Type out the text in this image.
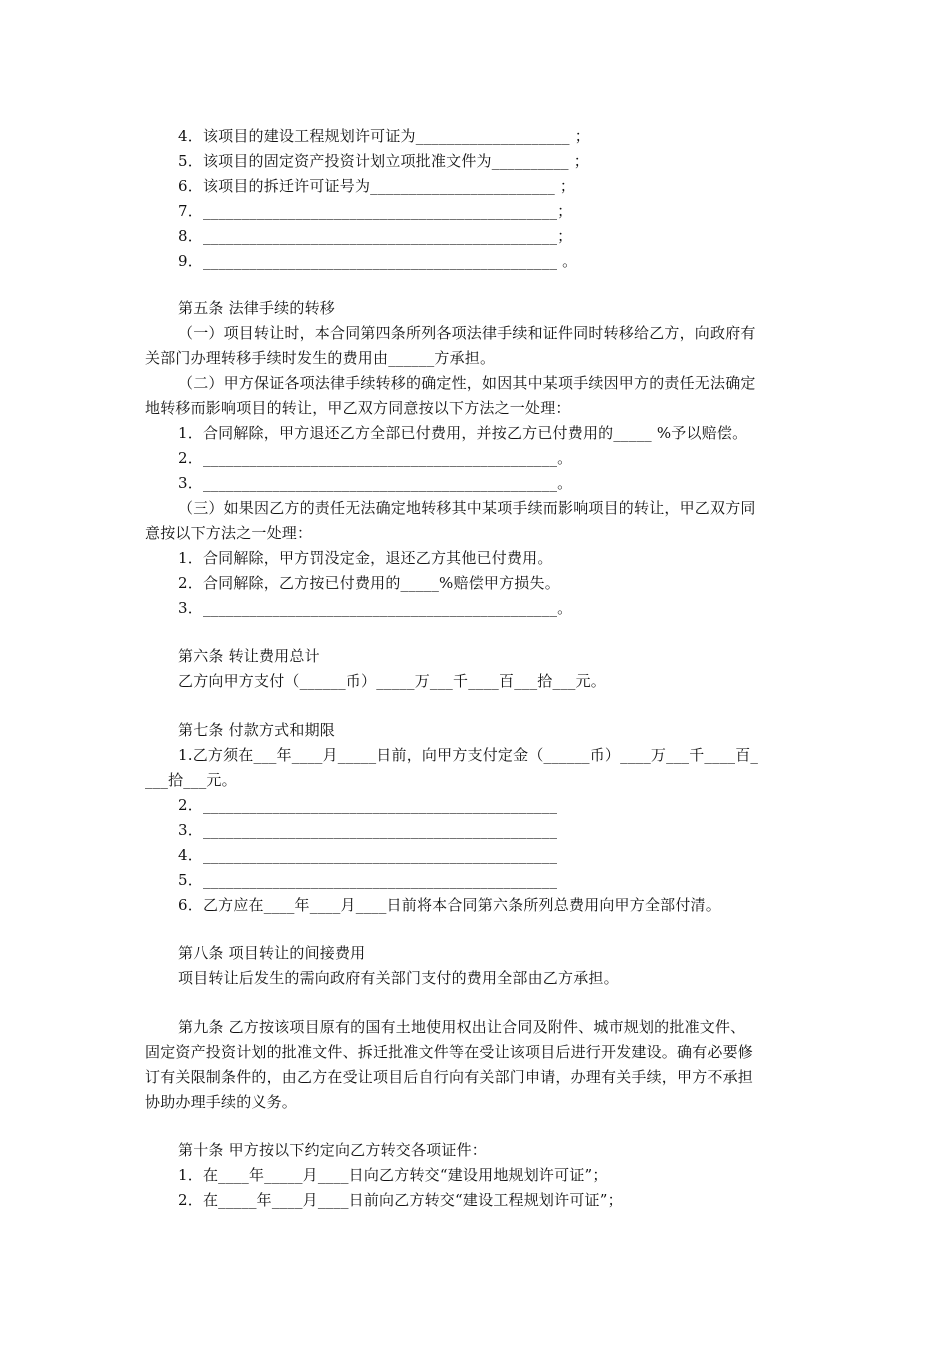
4．该项目的建设工程规划许可证为____________________ ；
5．该项目的固定资产投资计划立项批准文件为__________ ；
6．该项目的拆迁许可证号为________________________ ；
7．______________________________________________；
8．______________________________________________；
9．______________________________________________ 。
第五条 法律手续的转移
（一）项目转让时，本合同第四条所列各项法律手续和证件同时转移给乙方，向政府有
关部门办理转移手续时发生的费用由______方承担。
（二）甲方保证各项法律手续转移的确定性，如因其中某项手续因甲方的责任无法确定
地转移而影响项目的转让，甲乙双方同意按以下方法之一处理：
1．合同解除，甲方退还乙方全部已付费用，并按乙方已付费用的_____ %予以赔偿。
2．______________________________________________。
3．______________________________________________。
（三）如果因乙方的责任无法确定地转移其中某项手续而影响项目的转让，甲乙双方同
意按以下方法之一处理：
1．合同解除，甲方罚没定金，退还乙方其他已付费用。
2．合同解除，乙方按已付费用的_____%赔偿甲方损失。
3．______________________________________________。
第六条 转让费用总计
乙方向甲方支付（______币）_____万___千____百___拾___元。
第七条 付款方式和期限
1.乙方须在___年____月_____日前，向甲方支付定金（______币）____万___千____百_
___拾___元。
2．______________________________________________
3．______________________________________________
4．______________________________________________
5．______________________________________________
6．乙方应在____年____月____日前将本合同第六条所列总费用向甲方全部付清。
第八条 项目转让的间接费用
项目转让后发生的需向政府有关部门支付的费用全部由乙方承担。
第九条 乙方按该项目原有的国有土地使用权出让合同及附件、城市规划的批准文件、
固定资产投资计划的批准文件、拆迁批准文件等在受让该项目后进行开发建设。确有必要修
订有关限制条件的，由乙方在受让项目后自行向有关部门申请，办理有关手续，甲方不承担
协助办理手续的义务。
第十条 甲方按以下约定向乙方转交各项证件：
1．在____年_____月____日向乙方转交“建设用地规划许可证”；
2．在_____年____月____日前向乙方转交“建设工程规划许可证”；
